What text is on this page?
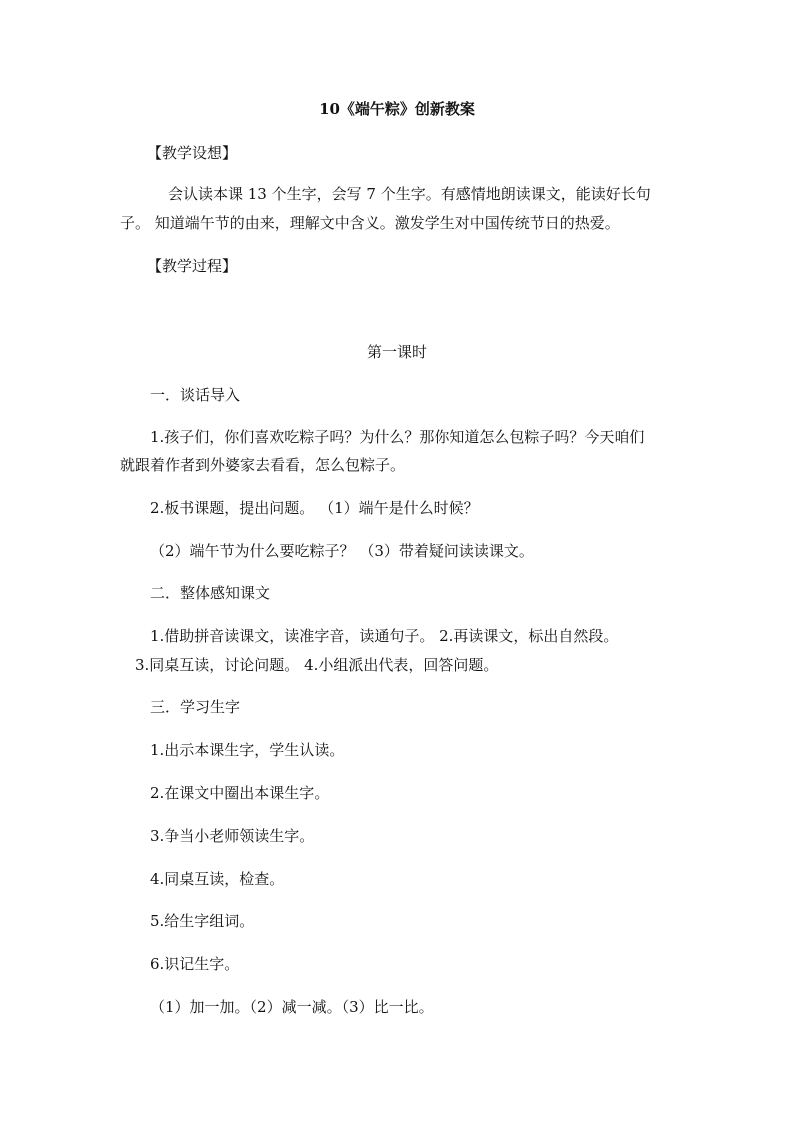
10《端午粽》创新教案
【教学设想】
会认读本课 13 个生字，会写 7 个生字。有感情地朗读课文，能读好长句
子。 知道端午节的由来，理解文中含义。激发学生对中国传统节日的热爱。
【教学过程】
第一课时
一．谈话导入
1.孩子们，你们喜欢吃粽子吗？为什么？那你知道怎么包粽子吗？今天咱们
就跟着作者到外婆家去看看，怎么包粽子。
2.板书课题，提出问题。 （1）端午是什么时候？
（2）端午节为什么要吃粽子？ （3）带着疑问读读课文。
二．整体感知课文
1.借助拼音读课文，读准字音，读通句子。 2.再读课文，标出自然段。
3.同桌互读，讨论问题。 4.小组派出代表，回答问题。
三．学习生字
1.出示本课生字，学生认读。
2.在课文中圈出本课生字。
3.争当小老师领读生字。
4.同桌互读，检查。
5.给生字组词。
6.识记生字。
（1）加一加。（2）减一减。（3）比一比。
